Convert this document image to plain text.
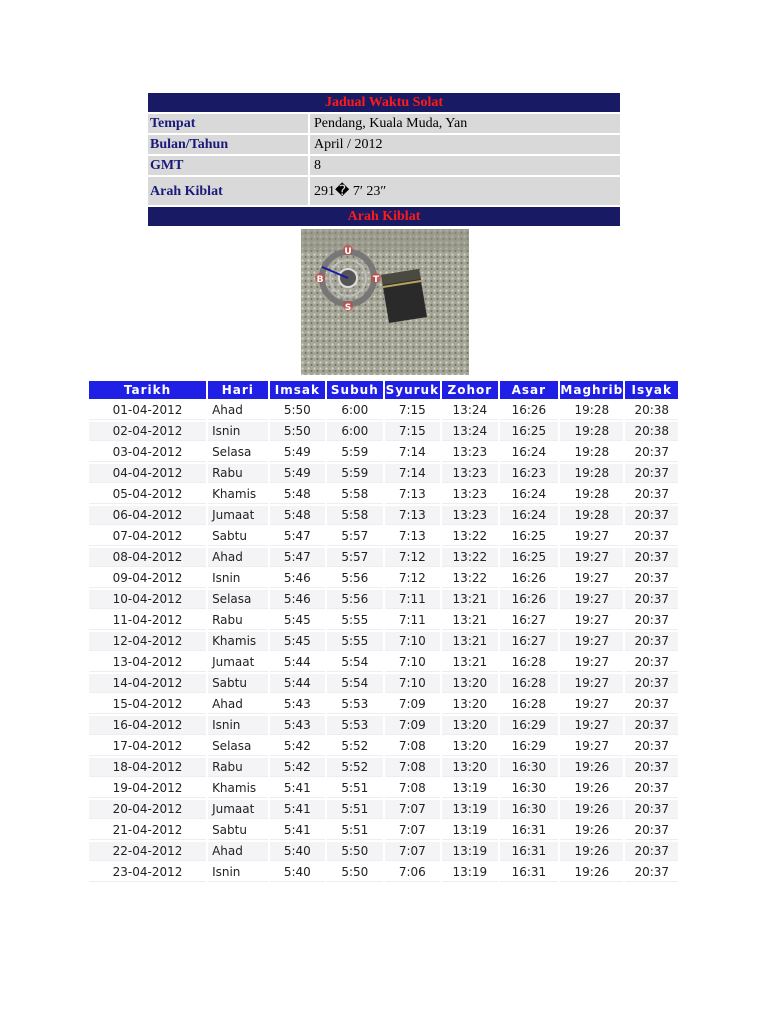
Jadual Waktu Solat	
Tempat	Pendang, Kuala Muda, Yan
Bulan/Tahun	April / 2012
GMT	8
Arah Kiblat	291� 7′ 23″
Arah Kiblat	
U
T
S
B
Tarikh	Hari	Imsak	Subuh	Syuruk	Zohor	Asar	Maghrib	Isyak
01-04-2012	Ahad	5:50	6:00	7:15	13:24	16:26	19:28	20:38
02-04-2012	Isnin	5:50	6:00	7:15	13:24	16:25	19:28	20:38
03-04-2012	Selasa	5:49	5:59	7:14	13:23	16:24	19:28	20:37
04-04-2012	Rabu	5:49	5:59	7:14	13:23	16:23	19:28	20:37
05-04-2012	Khamis	5:48	5:58	7:13	13:23	16:24	19:28	20:37
06-04-2012	Jumaat	5:48	5:58	7:13	13:23	16:24	19:28	20:37
07-04-2012	Sabtu	5:47	5:57	7:13	13:22	16:25	19:27	20:37
08-04-2012	Ahad	5:47	5:57	7:12	13:22	16:25	19:27	20:37
09-04-2012	Isnin	5:46	5:56	7:12	13:22	16:26	19:27	20:37
10-04-2012	Selasa	5:46	5:56	7:11	13:21	16:26	19:27	20:37
11-04-2012	Rabu	5:45	5:55	7:11	13:21	16:27	19:27	20:37
12-04-2012	Khamis	5:45	5:55	7:10	13:21	16:27	19:27	20:37
13-04-2012	Jumaat	5:44	5:54	7:10	13:21	16:28	19:27	20:37
14-04-2012	Sabtu	5:44	5:54	7:10	13:20	16:28	19:27	20:37
15-04-2012	Ahad	5:43	5:53	7:09	13:20	16:28	19:27	20:37
16-04-2012	Isnin	5:43	5:53	7:09	13:20	16:29	19:27	20:37
17-04-2012	Selasa	5:42	5:52	7:08	13:20	16:29	19:27	20:37
18-04-2012	Rabu	5:42	5:52	7:08	13:20	16:30	19:26	20:37
19-04-2012	Khamis	5:41	5:51	7:08	13:19	16:30	19:26	20:37
20-04-2012	Jumaat	5:41	5:51	7:07	13:19	16:30	19:26	20:37
21-04-2012	Sabtu	5:41	5:51	7:07	13:19	16:31	19:26	20:37
22-04-2012	Ahad	5:40	5:50	7:07	13:19	16:31	19:26	20:37
23-04-2012	Isnin	5:40	5:50	7:06	13:19	16:31	19:26	20:37
